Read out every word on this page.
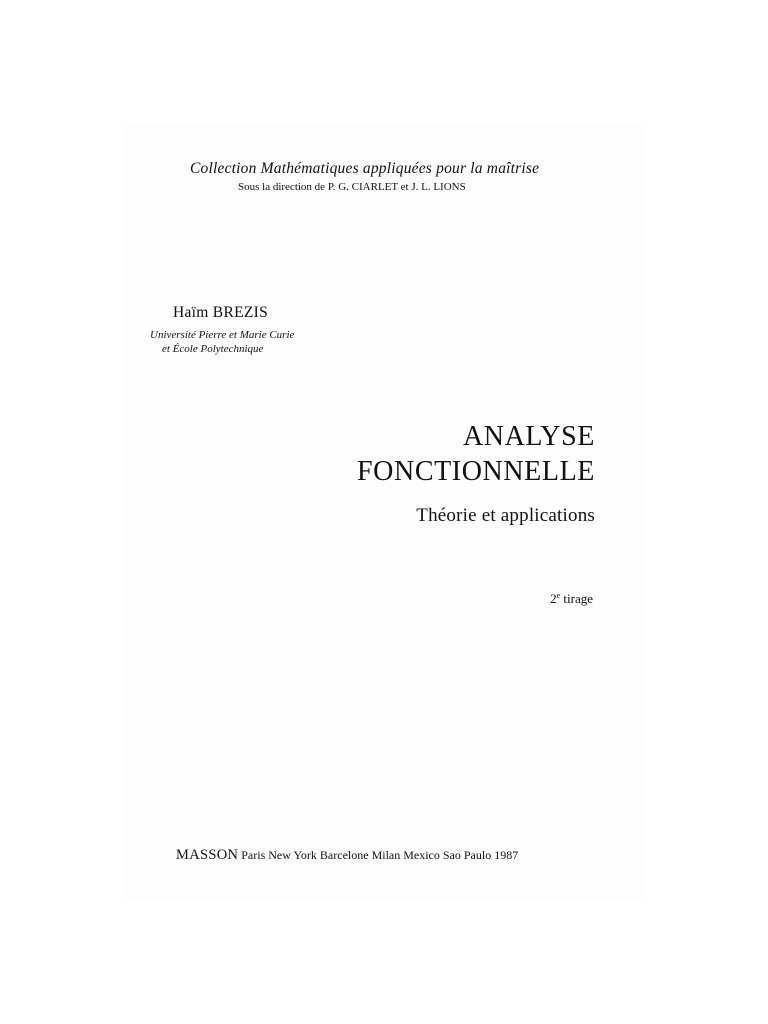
Collection Mathématiques appliquées pour la maîtrise
Sous la direction de P. G. CIARLET et J. L. LIONS
Haïm BREZIS
Université Pierre et Marie Curie
et École Polytechnique
ANALYSE
FONCTIONNELLE
Théorie et applications
2e tirage
MASSON Paris New York Barcelone Milan Mexico Sao Paulo 1987
